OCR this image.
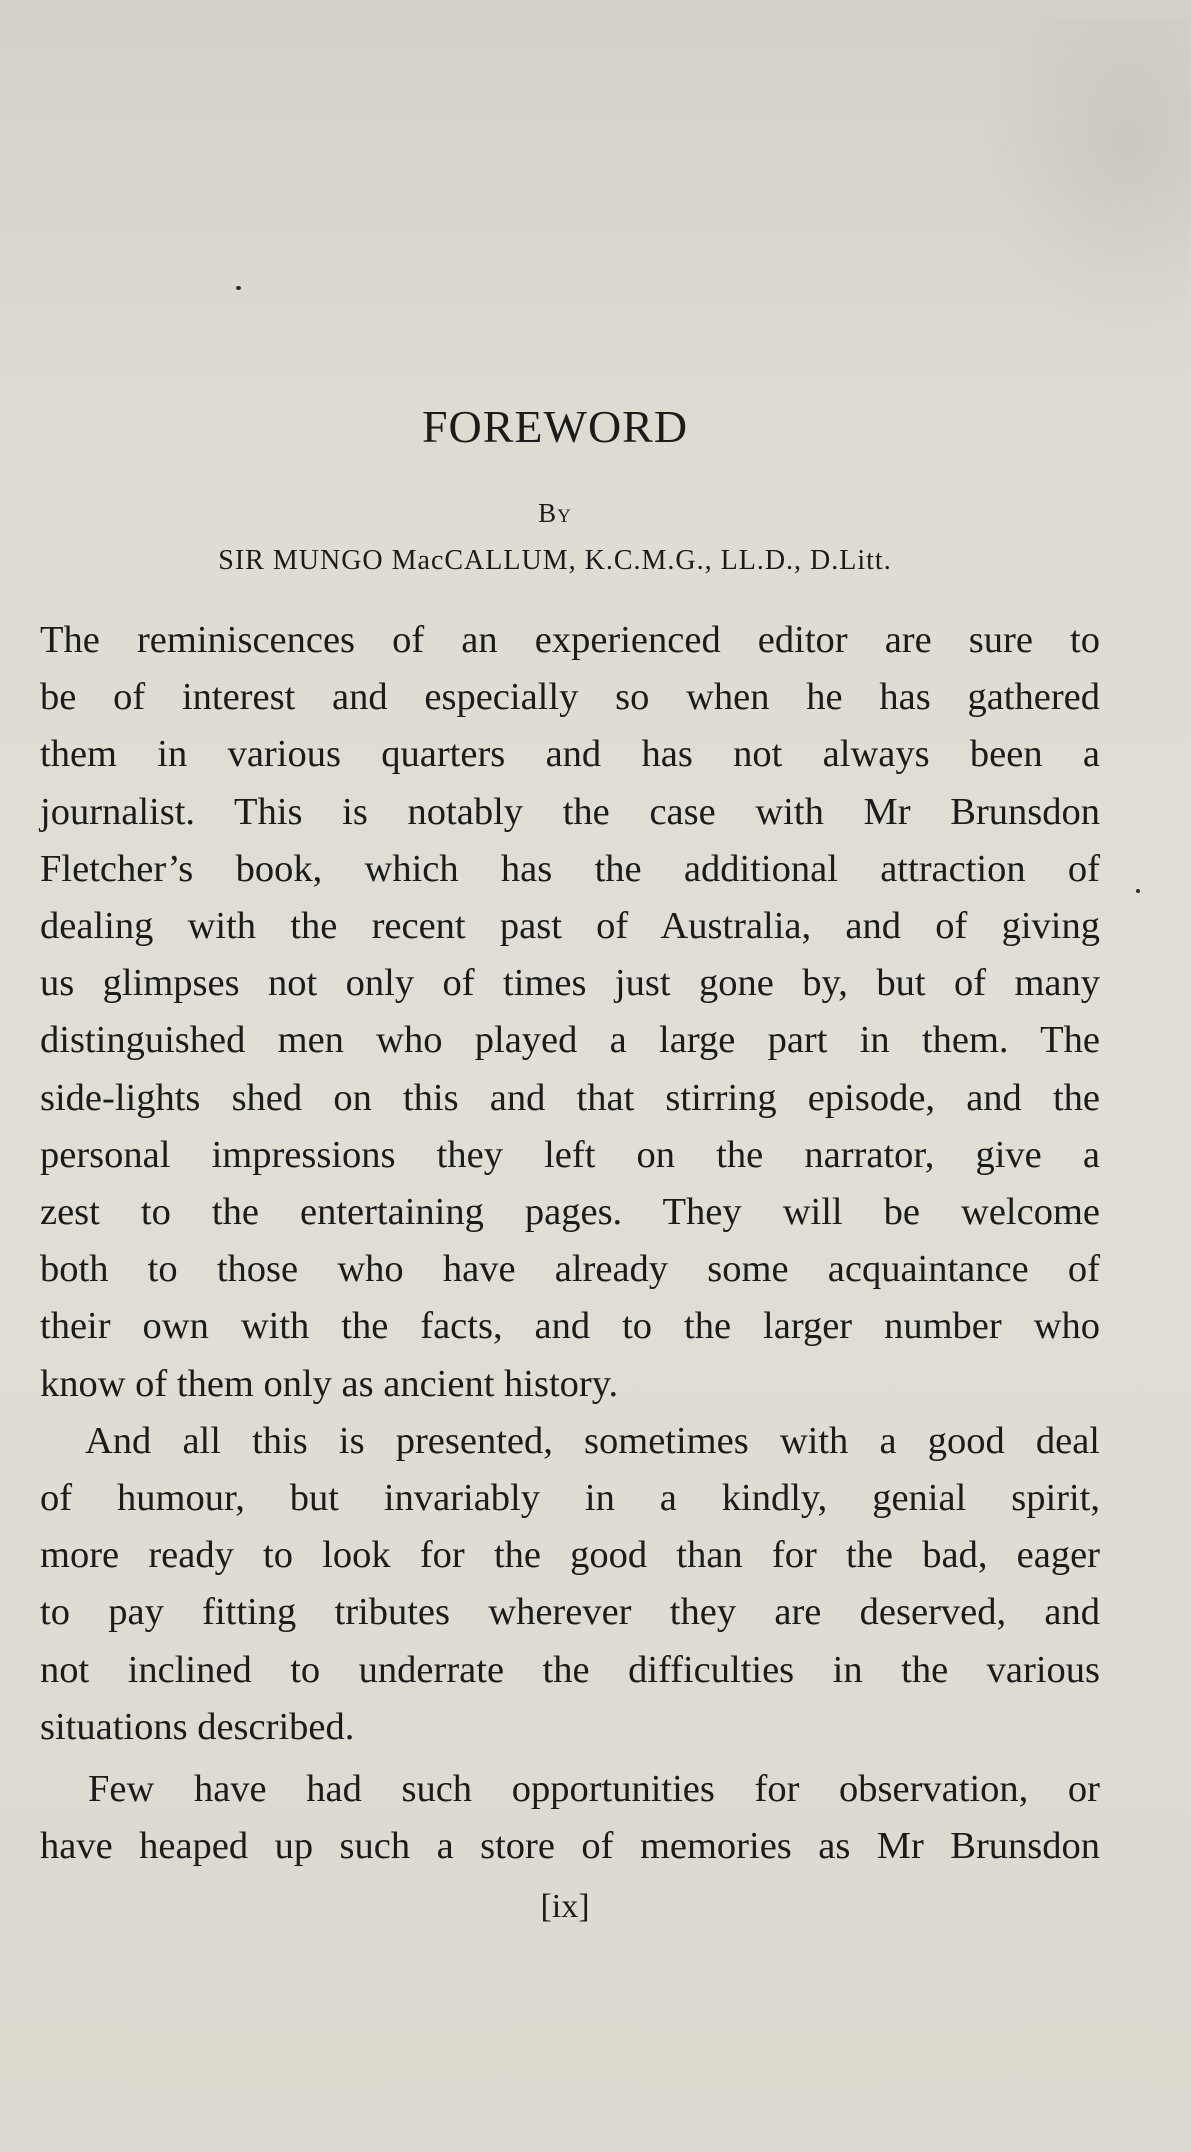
FOREWORD
By
SIR MUNGO MacCALLUM, K.C.M.G., LL.D., D.Litt.
The reminiscences of an experienced editor are sure to
be of interest and especially so when he has gathered
them in various quarters and has not always been a
journalist. This is notably the case with Mr Brunsdon
Fletcher’s book, which has the additional attraction of
dealing with the recent past of Australia, and of giving
us glimpses not only of times just gone by, but of many
distinguished men who played a large part in them. The
side-lights shed on this and that stirring episode, and the
personal impressions they left on the narrator, give a
zest to the entertaining pages. They will be welcome
both to those who have already some acquaintance of
their own with the facts, and to the larger number who
know of them only as ancient history.
And all this is presented, sometimes with a good deal
of humour, but invariably in a kindly, genial spirit,
more ready to look for the good than for the bad, eager
to pay fitting tributes wherever they are deserved, and
not inclined to underrate the difficulties in the various
situations described.
Few have had such opportunities for observation, or
have heaped up such a store of memories as Mr Brunsdon
[ix]
